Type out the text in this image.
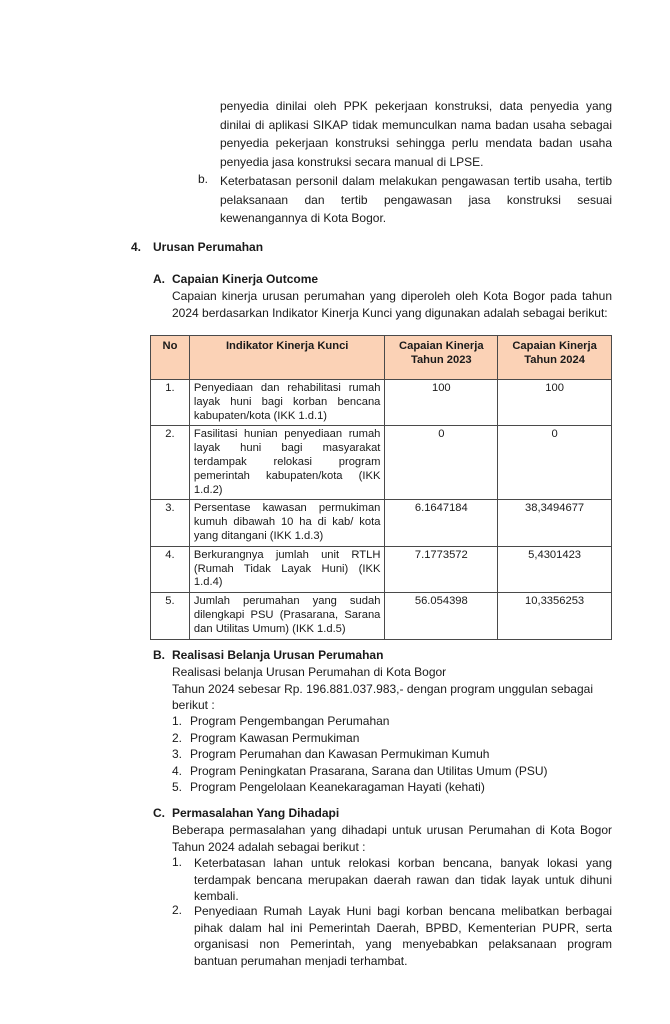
penyedia dinilai oleh PPK pekerjaan konstruksi, data penyedia yang dinilai di aplikasi SIKAP tidak memunculkan nama badan usaha sebagai penyedia pekerjaan konstruksi sehingga perlu mendata badan usaha penyedia jasa konstruksi secara manual di LPSE.
b. Keterbatasan personil dalam melakukan pengawasan tertib usaha, tertib pelaksanaan dan tertib pengawasan jasa konstruksi sesuai kewenangannya di Kota Bogor.
4. Urusan Perumahan
A. Capaian Kinerja Outcome
Capaian kinerja urusan perumahan yang diperoleh oleh Kota Bogor pada tahun 2024 berdasarkan Indikator Kinerja Kunci yang digunakan adalah sebagai berikut:
No	Indikator Kinerja Kunci	Capaian Kinerja Tahun 2023	Capaian Kinerja Tahun 2024
1.	Penyediaan dan rehabilitasi rumah layak huni bagi korban bencana kabupaten/kota (IKK 1.d.1)	100	100
2.	Fasilitasi hunian penyediaan rumah layak huni bagi masyarakat terdampak relokasi program pemerintah kabupaten/kota (IKK 1.d.2)	0	0
3.	Persentase kawasan permukiman kumuh dibawah 10 ha di kab/ kota yang ditangani (IKK 1.d.3)	6.1647184	38,3494677
4.	Berkurangnya jumlah unit RTLH (Rumah Tidak Layak Huni) (IKK 1.d.4)	7.1773572	5,4301423
5.	Jumlah perumahan yang sudah dilengkapi PSU (Prasarana, Sarana dan Utilitas Umum) (IKK 1.d.5)	56.054398	10,3356253
B. Realisasi Belanja Urusan Perumahan
Realisasi belanja Urusan Perumahan di Kota Bogor
Tahun 2024 sebesar Rp. 196.881.037.983,- dengan program unggulan sebagai
berikut :
1. Program Pengembangan Perumahan
2. Program Kawasan Permukiman
3. Program Perumahan dan Kawasan Permukiman Kumuh
4. Program Peningkatan Prasarana, Sarana dan Utilitas Umum (PSU)
5. Program Pengelolaan Keanekaragaman Hayati (kehati)
C. Permasalahan Yang Dihadapi
Beberapa permasalahan yang dihadapi untuk urusan Perumahan di Kota Bogor Tahun 2024 adalah sebagai berikut :
1. Keterbatasan lahan untuk relokasi korban bencana, banyak lokasi yang terdampak bencana merupakan daerah rawan dan tidak layak untuk dihuni kembali.
2. Penyediaan Rumah Layak Huni bagi korban bencana melibatkan berbagai pihak dalam hal ini Pemerintah Daerah, BPBD, Kementerian PUPR, serta organisasi non Pemerintah, yang menyebabkan pelaksanaan program bantuan perumahan menjadi terhambat.
